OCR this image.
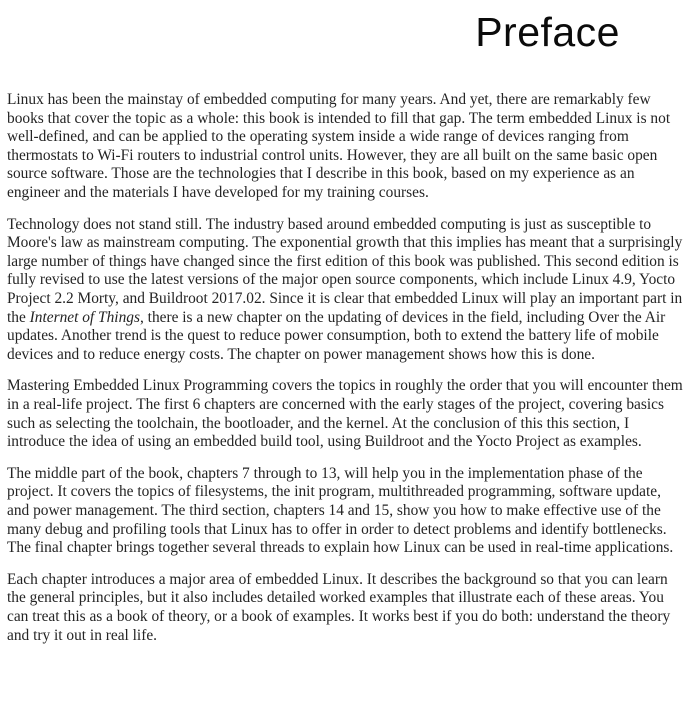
Preface

Linux has been the mainstay of embedded computing for many years. And yet, there are remarkably few books that cover the topic as a whole: this book is intended to fill that gap. The term embedded Linux is not well-defined, and can be applied to the operating system inside a wide range of devices ranging from thermostats to Wi-Fi routers to industrial control units. However, they are all built on the same basic open source software. Those are the technologies that I describe in this book, based on my experience as an engineer and the materials I have developed for my training courses.

Technology does not stand still. The industry based around embedded computing is just as susceptible to Moore's law as mainstream computing. The exponential growth that this implies has meant that a surprisingly large number of things have changed since the first edition of this book was published. This second edition is fully revised to use the latest versions of the major open source components, which include Linux 4.9, Yocto Project 2.2 Morty, and Buildroot 2017.02. Since it is clear that embedded Linux will play an important part in the Internet of Things, there is a new chapter on the updating of devices in the field, including Over the Air updates. Another trend is the quest to reduce power consumption, both to extend the battery life of mobile devices and to reduce energy costs. The chapter on power management shows how this is done.

Mastering Embedded Linux Programming covers the topics in roughly the order that you will encounter them in a real-life project. The first 6 chapters are concerned with the early stages of the project, covering basics such as selecting the toolchain, the bootloader, and the kernel. At the conclusion of this this section, I introduce the idea of using an embedded build tool, using Buildroot and the Yocto Project as examples.

The middle part of the book, chapters 7 through to 13, will help you in the implementation phase of the project. It covers the topics of filesystems, the init program, multithreaded programming, software update, and power management. The third section, chapters 14 and 15, show you how to make effective use of the many debug and profiling tools that Linux has to offer in order to detect problems and identify bottlenecks. The final chapter brings together several threads to explain how Linux can be used in real-time applications.

Each chapter introduces a major area of embedded Linux. It describes the background so that you can learn the general principles, but it also includes detailed worked examples that illustrate each of these areas. You can treat this as a book of theory, or a book of examples. It works best if you do both: understand the theory and try it out in real life.
